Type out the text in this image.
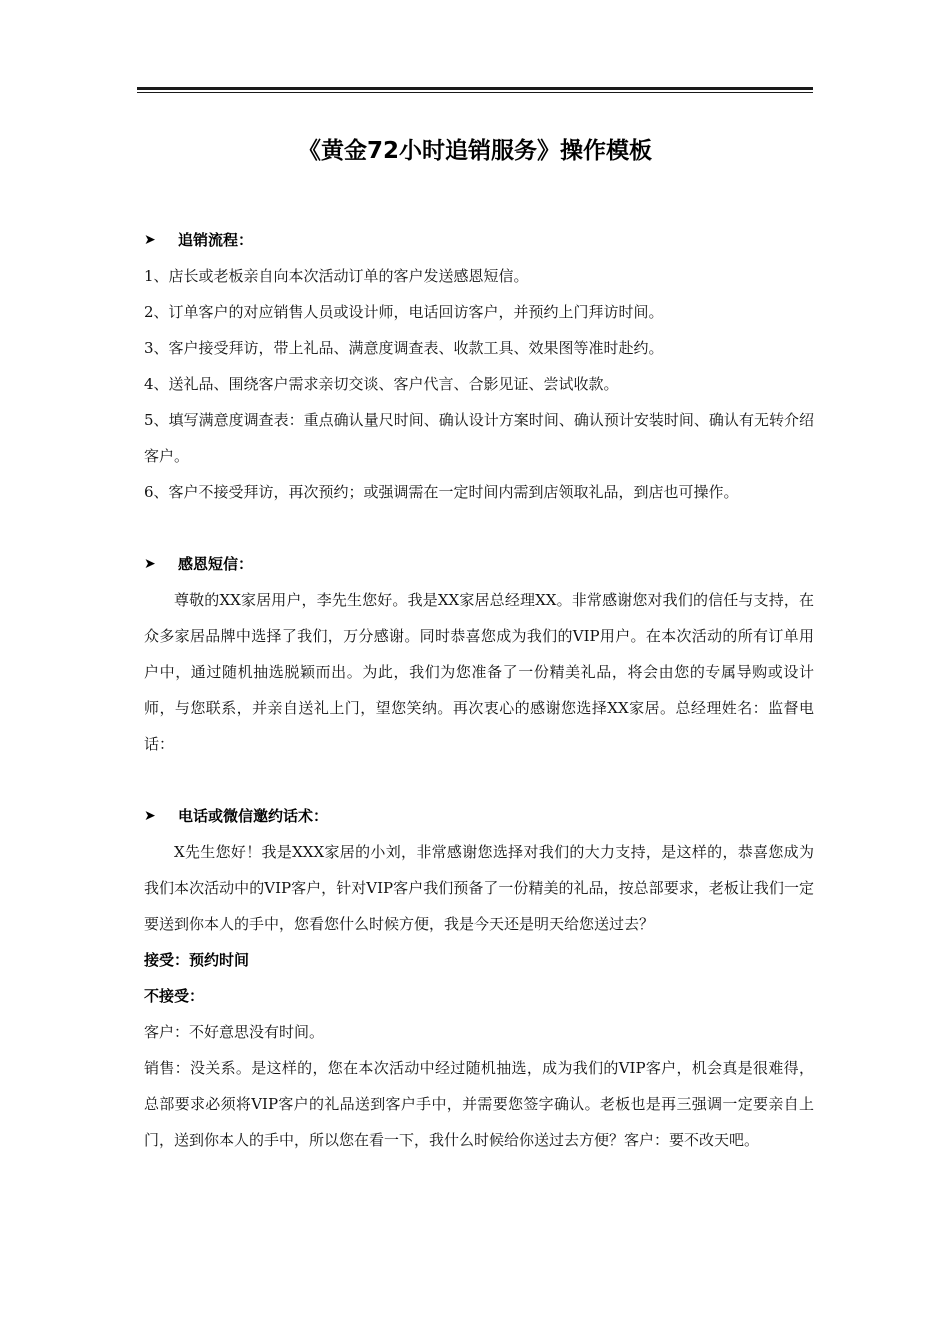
《黄金72小时追销服务》操作模板
➤	追销流程：

1、店长或老板亲自向本次活动订单的客户发送感恩短信。

2、订单客户的对应销售人员或设计师，电话回访客户，并预约上门拜访时间。

3、客户接受拜访，带上礼品、满意度调查表、收款工具、效果图等准时赴约。

4、送礼品、围绕客户需求亲切交谈、客户代言、合影见证、尝试收款。

5、填写满意度调查表：重点确认量尺时间、确认设计方案时间、确认预计安装时间、确认有无转介绍客户。

6、客户不接受拜访，再次预约；或强调需在一定时间内需到店领取礼品，到店也可操作。

➤	感恩短信：

尊敬的XX家居用户，李先生您好。我是XX家居总经理XX。非常感谢您对我们的信任与支持，在众多家居品牌中选择了我们，万分感谢。同时恭喜您成为我们的VIP用户。在本次活动的所有订单用户中，通过随机抽选脱颖而出。为此，我们为您准备了一份精美礼品，将会由您的专属导购或设计师，与您联系，并亲自送礼上门，望您笑纳。再次衷心的感谢您选择XX家居。总经理姓名：监督电话：

➤	电话或微信邀约话术：

X先生您好！我是XXX家居的小刘，非常感谢您选择对我们的大力支持，是这样的，恭喜您成为我们本次活动中的VIP客户，针对VIP客户我们预备了一份精美的礼品，按总部要求，老板让我们一定要送到你本人的手中，您看您什么时候方便，我是今天还是明天给您送过去？

接受：预约时间

不接受：

客户：不好意思没有时间。

销售：没关系。是这样的，您在本次活动中经过随机抽选，成为我们的VIP客户，机会真是很难得，总部要求必须将VIP客户的礼品送到客户手中，并需要您签字确认。老板也是再三强调一定要亲自上门，送到你本人的手中，所以您在看一下，我什么时候给你送过去方便？客户：要不改天吧。
